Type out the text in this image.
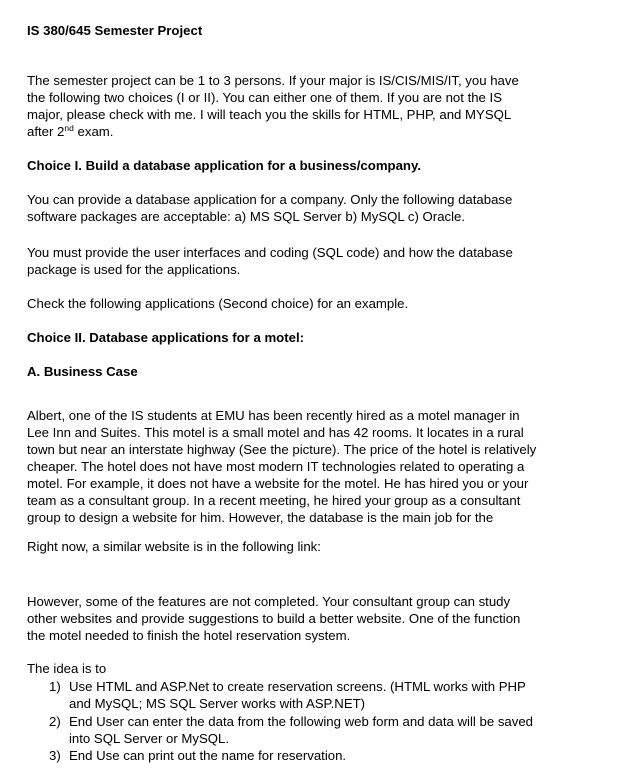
IS 380/645 Semester Project
The semester project can be 1 to 3 persons. If your major is IS/CIS/MIS/IT, you have
the following two choices (I or II). You can either one of them. If you are not the IS
major, please check with me. I will teach you the skills for HTML, PHP, and MYSQL
after 2nd exam.
Choice I. Build a database application for a business/company.
You can provide a database application for a company. Only the following database
software packages are acceptable: a) MS SQL Server b) MySQL c) Oracle.
You must provide the user interfaces and coding (SQL code) and how the database
package is used for the applications.
Check the following applications (Second choice) for an example.
Choice II. Database applications for a motel:
A. Business Case
Albert, one of the IS students at EMU has been recently hired as a motel manager in
Lee Inn and Suites. This motel is a small motel and has 42 rooms. It locates in a rural
town but near an interstate highway (See the picture). The price of the hotel is relatively
cheaper. The hotel does not have most modern IT technologies related to operating a
motel. For example, it does not have a website for the motel. He has hired you or your
team as a consultant group. In a recent meeting, he hired your group as a consultant
group to design a website for him. However, the database is the main job for the
Right now, a similar website is in the following link:
However, some of the features are not completed. Your consultant group can study
other websites and provide suggestions to build a better website. One of the function
the motel needed to finish the hotel reservation system.
The idea is to
1) Use HTML and ASP.Net to create reservation screens. (HTML works with PHP
and MySQL; MS SQL Server works with ASP.NET)
2) End User can enter the data from the following web form and data will be saved
into SQL Server or MySQL.
3) End Use can print out the name for reservation.
